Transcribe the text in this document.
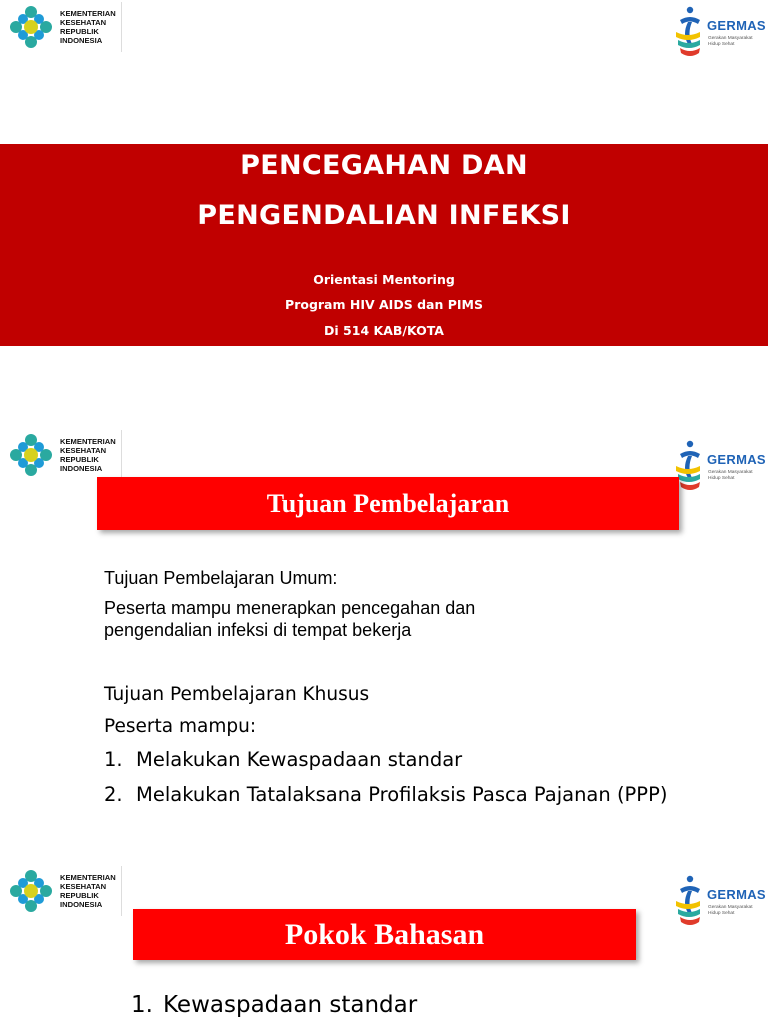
KEMENTERIAN
KESEHATAN
REPUBLIK
INDONESIA
GERMAS
Gerakan Masyarakat
Hidup Sehat
PENCEGAHAN DAN
PENGENDALIAN INFEKSI
Orientasi Mentoring
Program HIV AIDS dan PIMS
Di 514 KAB/KOTA
KEMENTERIAN
KESEHATAN
REPUBLIK
INDONESIA
GERMAS
Gerakan Masyarakat
Hidup Sehat
Tujuan Pembelajaran
Tujuan Pembelajaran Umum:
Peserta mampu menerapkan pencegahan dan
pengendalian infeksi di tempat bekerja
Tujuan Pembelajaran Khusus
Peserta mampu:
1. Melakukan Kewaspadaan standar
2. Melakukan Tatalaksana Profilaksis Pasca Pajanan (PPP)
KEMENTERIAN
KESEHATAN
REPUBLIK
INDONESIA
GERMAS
Gerakan Masyarakat
Hidup Sehat
Pokok Bahasan
1. Kewaspadaan standar
